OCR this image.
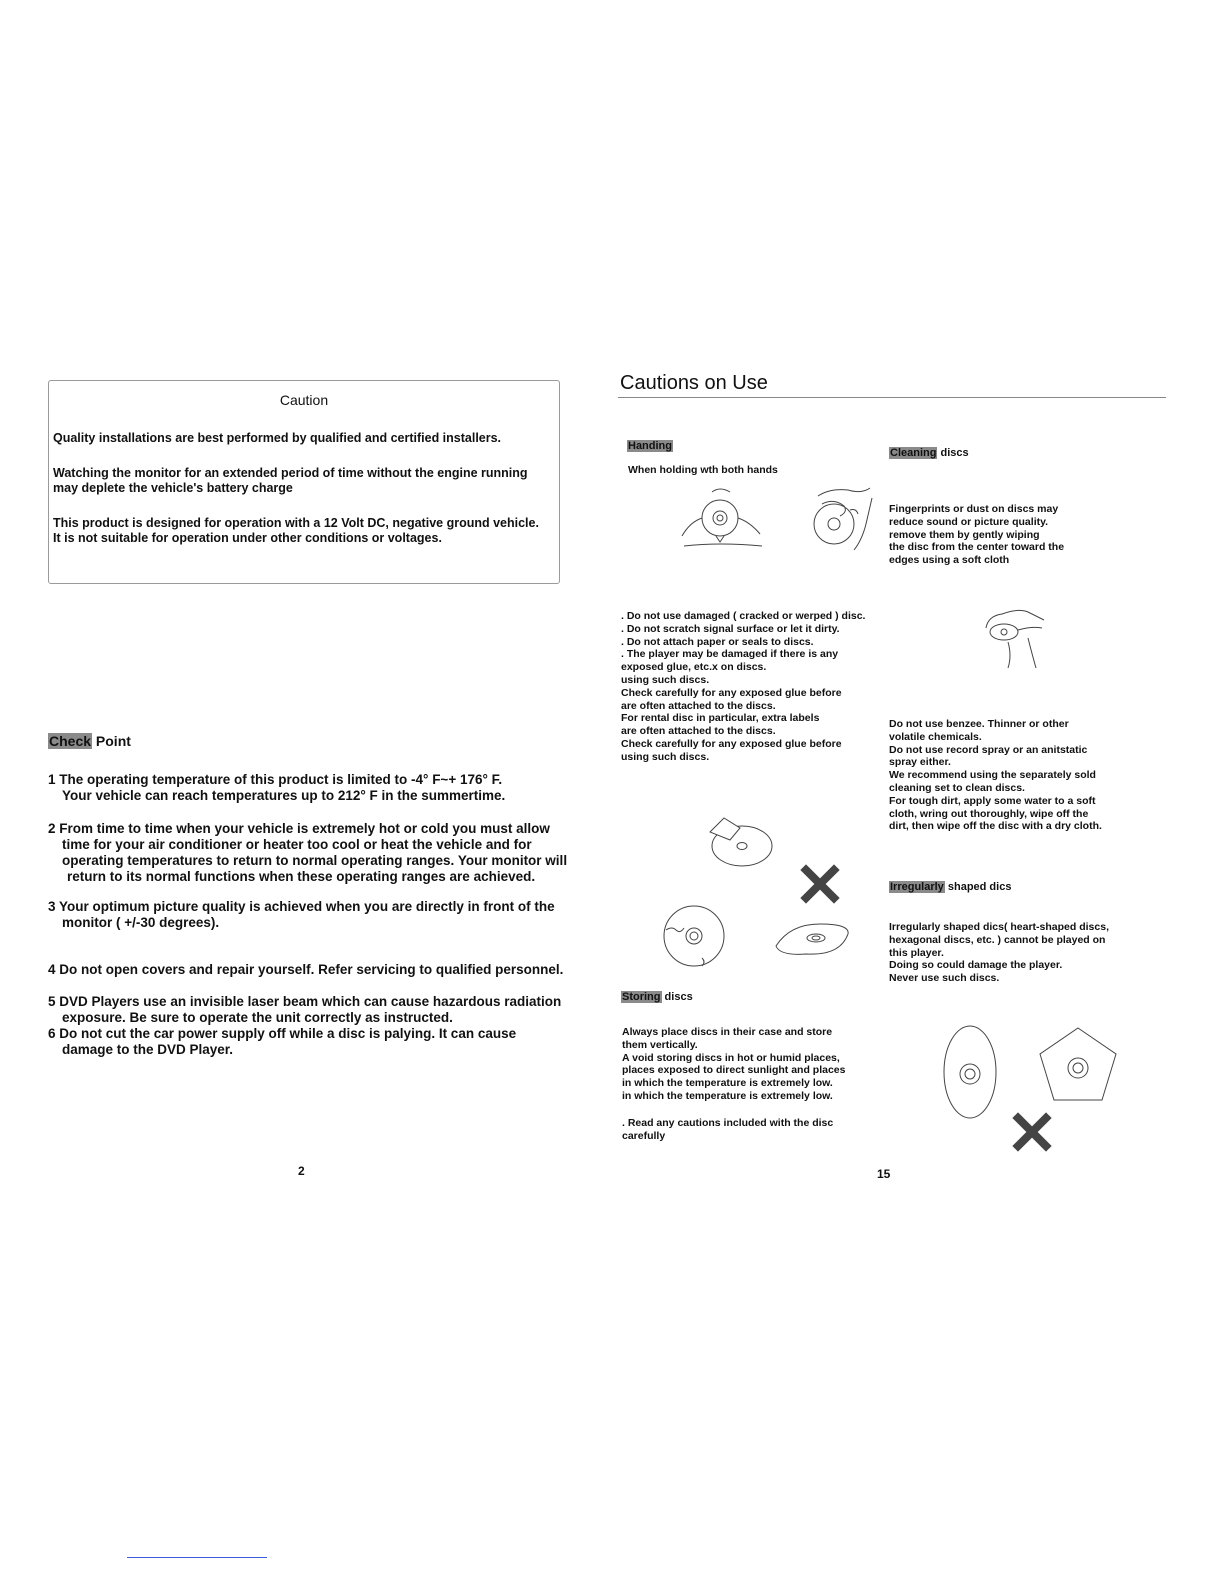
Caution
Quality installations are best performed by qualified and certified installers.
Watching the monitor for an extended period of time without the engine running
may deplete the vehicle's battery charge
This product is designed for operation with a 12 Volt DC, negative ground vehicle.
It is not suitable for operation under other conditions or voltages.
Check Point
1 The operating temperature of this product is limited to -4° F~+ 176° F.
Your vehicle can reach temperatures up to 212° F in the summertime.
2 From time to time when your vehicle is extremely hot or cold you must allow
time for your air conditioner or heater too cool or heat the vehicle and for
operating temperatures to return to normal operating ranges. Your monitor will
return to its normal functions when these operating ranges are achieved.
3 Your optimum picture quality is achieved when you are directly in front of the
monitor ( +/-30 degrees).
4 Do not open covers and repair yourself. Refer servicing to qualified personnel.
5 DVD Players use an invisible laser beam which can cause hazardous radiation
exposure. Be sure to operate the unit correctly as instructed.
6 Do not cut the car power supply off while a disc is palying. It can cause
damage to the DVD Player.
2
Cautions on Use
Handing
When holding wth both hands
Cleaning discs
Fingerprints or dust on discs may
reduce sound or picture quality.
remove them by gently wiping
the disc from the center toward the
edges using a soft cloth
. Do not use damaged ( cracked or werped ) disc.
. Do not scratch signal surface or let it dirty.
. Do not attach paper or seals to discs.
. The player may be damaged if there is any
exposed glue, etc.x on discs.
using such discs.
Check carefully for any exposed glue before
are often attached to the discs.
For rental disc in particular, extra labels
are often attached to the discs.
Check carefully for any exposed glue before
using such discs.
Do not use benzee. Thinner or other
volatile chemicals.
Do not use record spray or an anitstatic
spray either.
We recommend using the separately sold
cleaning set to clean discs.
For tough dirt, apply some water to a soft
cloth, wring out thoroughly, wipe off the
dirt, then wipe off the disc with a dry cloth.
Irregularly shaped dics
Irregularly shaped dics( heart-shaped discs,
hexagonal discs, etc. ) cannot be played on
this player.
Doing so could damage the player.
Never use such discs.
Storing discs
Always place discs in their case and store
them vertically.
A void storing discs in hot or humid places,
places exposed to direct sunlight and places
in which the temperature is extremely low.
in which the temperature is extremely low.
. Read any cautions included with the disc
carefully
15
